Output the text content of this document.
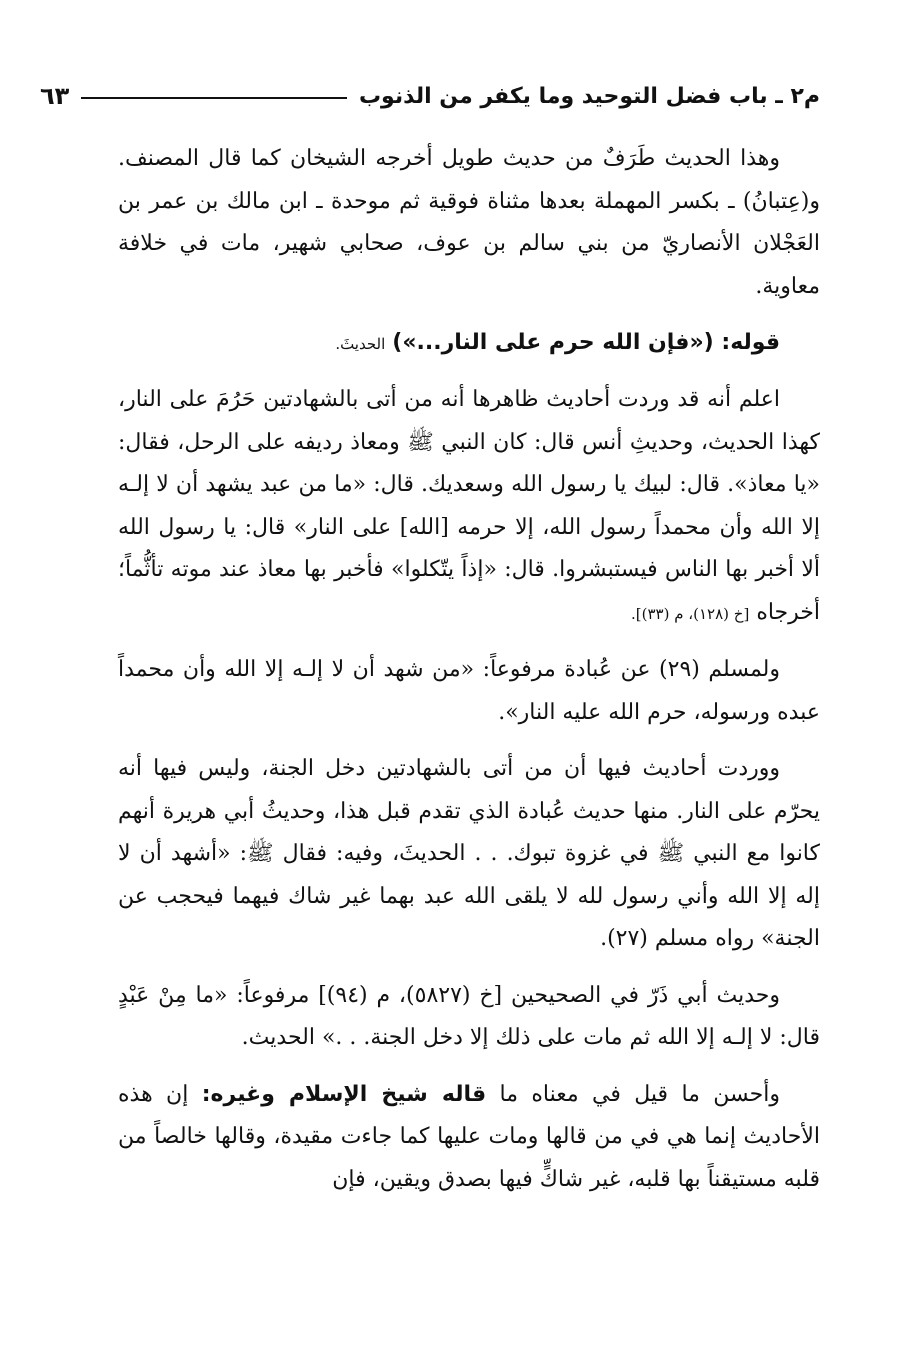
م٢ ـ باب فضل التوحيد وما يكفر من الذنوب
٦٣

وهذا الحديث طَرَفٌ من حديث طويل أخرجه الشيخان كما قال المصنف. و(عِتبانُ) ـ بكسر المهملة بعدها مثناة فوقية ثم موحدة ـ ابن مالك بن عمر بن العَجْلان الأنصاريّ من بني سالم بن عوف، صحابي شهير، مات في خلافة معاوية.

قوله: («فإن الله حرم على النار...») الحديثَ.

اعلم أنه قد وردت أحاديث ظاهرها أنه من أتى بالشهادتين حَرُمَ على النار، كهذا الحديث، وحديثِ أنس قال: كان النبي ﷺ ومعاذ رديفه على الرحل، فقال: «يا معاذ». قال: لبيك يا رسول الله وسعديك. قال: «ما من عبد يشهد أن لا إلـه إلا الله وأن محمداً رسول الله، إلا حرمه [الله] على النار» قال: يا رسول الله ألا أخبر بها الناس فيستبشروا. قال: «إذاً يتّكلوا» فأخبر بها معاذ عند موته تأثُّماً؛ أخرجاه [خ (١٢٨)، م (٣٣)].

ولمسلم (٢٩) عن عُبادة مرفوعاً: «من شهد أن لا إلـه إلا الله وأن محمداً عبده ورسوله، حرم الله عليه النار».

ووردت أحاديث فيها أن من أتى بالشهادتين دخل الجنة، وليس فيها أنه يحرّم على النار. منها حديث عُبادة الذي تقدم قبل هذا، وحديثُ أبي هريرة أنهم كانوا مع النبي ﷺ في غزوة تبوك. . . الحديثَ، وفيه: فقال ﷺ: «أشهد أن لا إله إلا الله وأني رسول لله لا يلقى الله عبد بهما غير شاك فيهما فيحجب عن الجنة» رواه مسلم (٢٧).

وحديث أبي ذَرّ في الصحيحين [خ (٥٨٢٧)، م (٩٤)] مرفوعاً: «ما مِنْ عَبْدٍ قال: لا إلـه إلا الله ثم مات على ذلك إلا دخل الجنة. . .» الحديث.

وأحسن ما قيل في معناه ما قاله شيخ الإسلام وغيره: إن هذه الأحاديث إنما هي في من قالها ومات عليها كما جاءت مقيدة، وقالها خالصاً من قلبه مستيقناً بها قلبه، غير شاكٍّ فيها بصدق ويقين، فإن
